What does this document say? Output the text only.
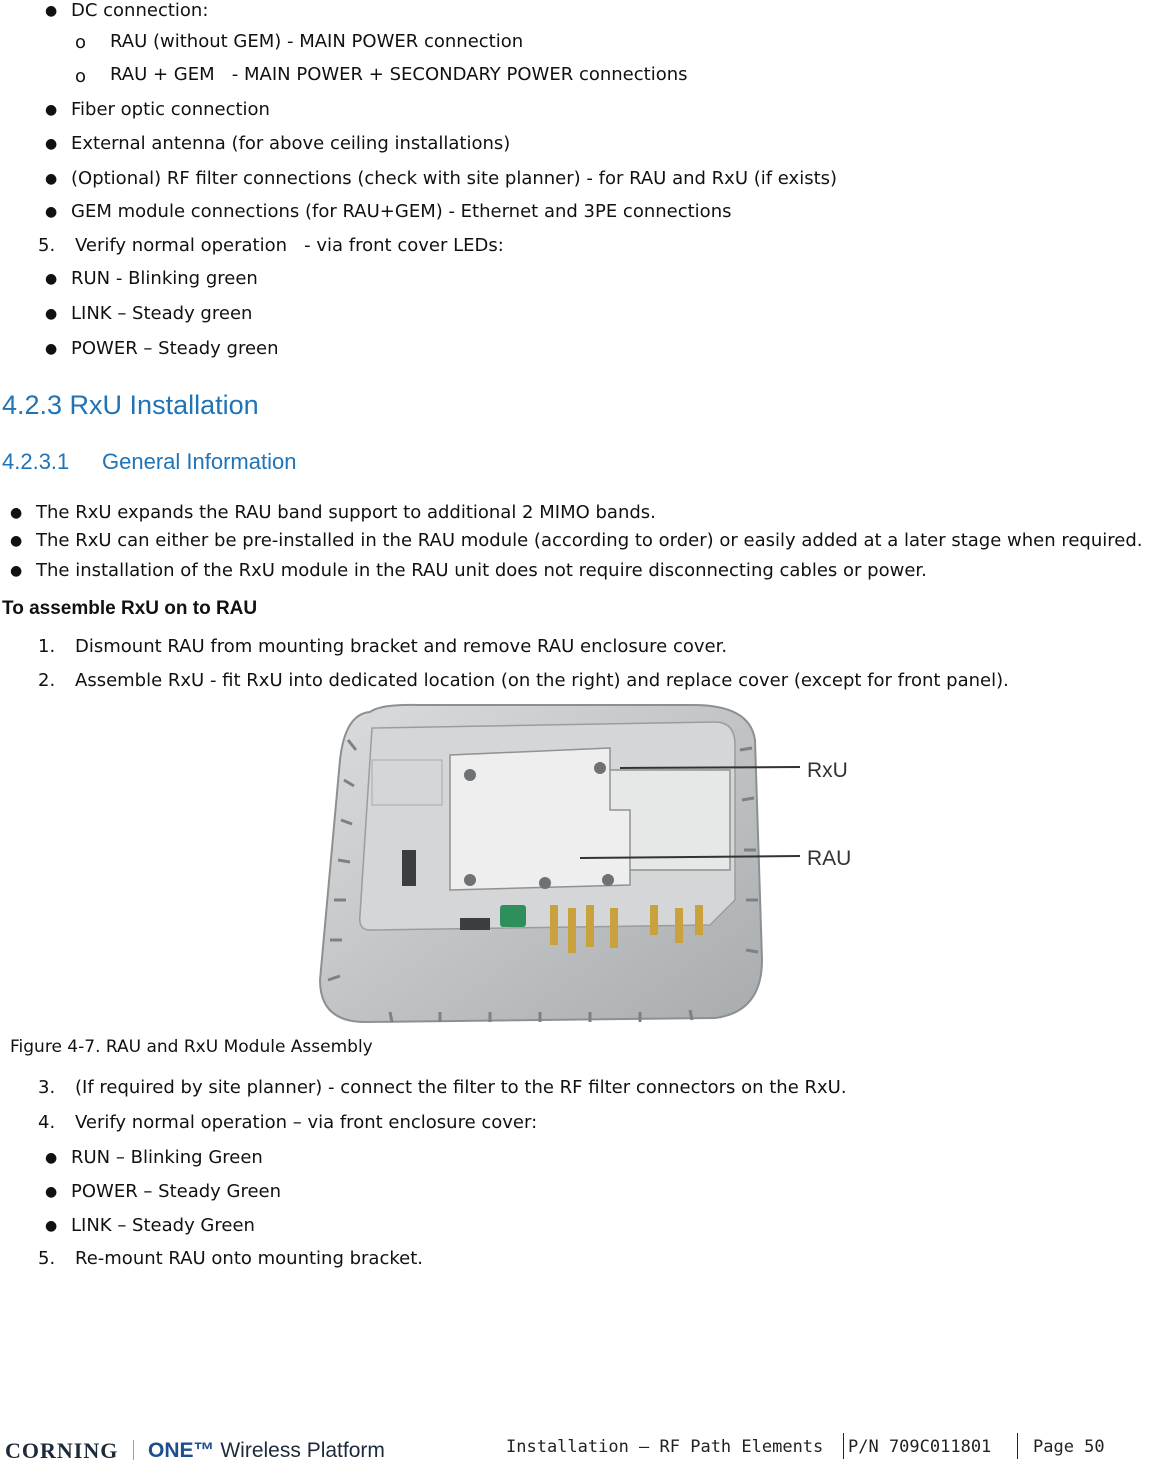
● DC connection:
o RAU (without GEM) - MAIN POWER connection
o RAU + GEM   - MAIN POWER + SECONDARY POWER connections
● Fiber optic connection
● External antenna (for above ceiling installations)
● (Optional) RF filter connections (check with site planner) - for RAU and RxU (if exists)
● GEM module connections (for RAU+GEM) - Ethernet and 3PE connections
5. Verify normal operation   - via front cover LEDs:
● RUN - Blinking green
● LINK – Steady green
● POWER – Steady green
4.2.3 RxU Installation
4.2.3.1 General Information
● The RxU expands the RAU band support to additional 2 MIMO bands.
● The RxU can either be pre-installed in the RAU module (according to order) or easily added at a later stage when required.
● The installation of the RxU module in the RAU unit does not require disconnecting cables or power.
To assemble RxU on to RAU
1. Dismount RAU from mounting bracket and remove RAU enclosure cover.
2. Assemble RxU - fit RxU into dedicated location (on the right) and replace cover (except for front panel).
RxU
RAU
Figure 4-7. RAU and RxU Module Assembly
3. (If required by site planner) - connect the filter to the RF filter connectors on the RxU.
4. Verify normal operation – via front enclosure cover:
● RUN – Blinking Green
● POWER – Steady Green
● LINK – Steady Green
5. Re-mount RAU onto mounting bracket.
CORNING ONE™ Wireless Platform	Installation – RF Path Elements P/N 709C011801 Page 50
